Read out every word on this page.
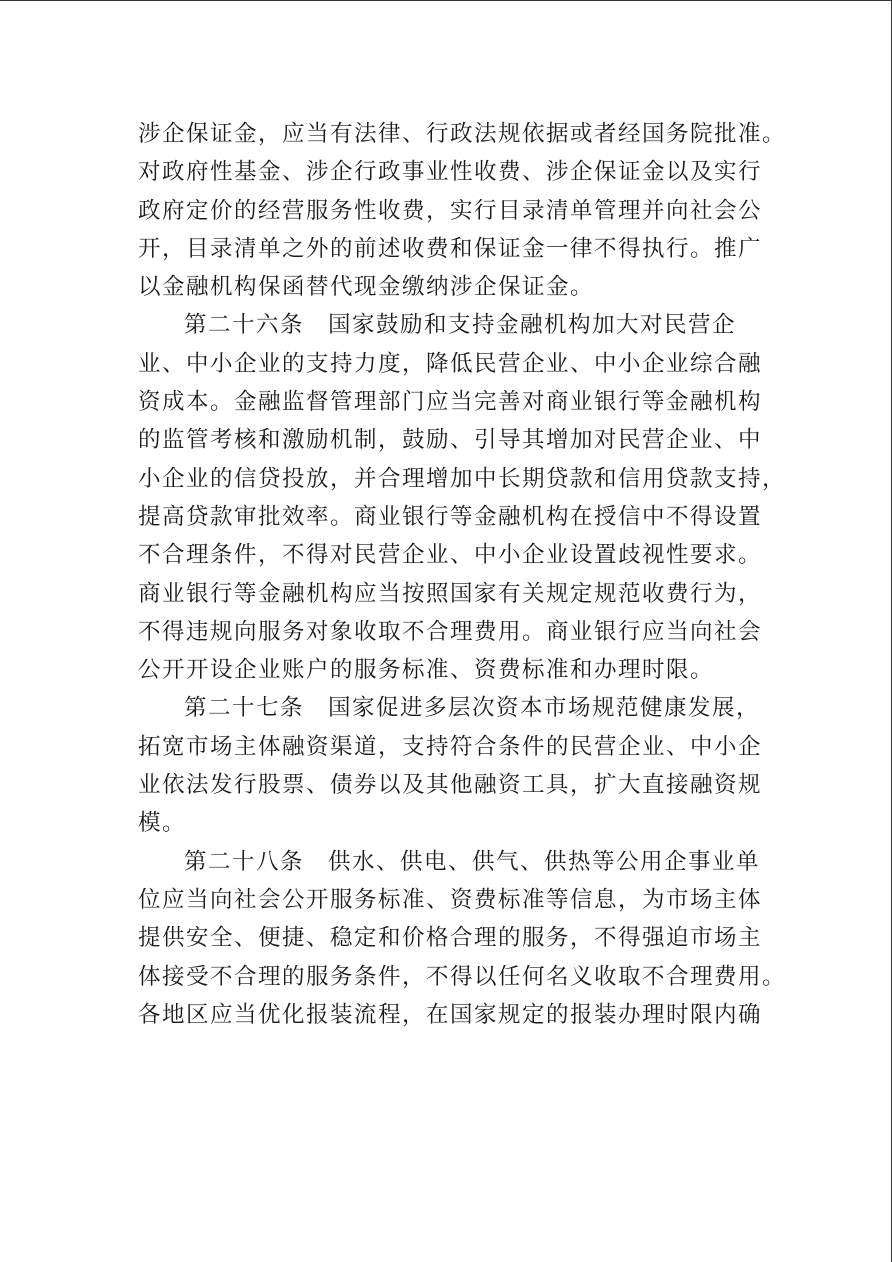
涉企保证金，应当有法律、行政法规依据或者经国务院批准。
对政府性基金、涉企行政事业性收费、涉企保证金以及实行
政府定价的经营服务性收费，实行目录清单管理并向社会公
开，目录清单之外的前述收费和保证金一律不得执行。推广
以金融机构保函替代现金缴纳涉企保证金。
第二十六条　国家鼓励和支持金融机构加大对民营企
业、中小企业的支持力度，降低民营企业、中小企业综合融
资成本。金融监督管理部门应当完善对商业银行等金融机构
的监管考核和激励机制，鼓励、引导其增加对民营企业、中
小企业的信贷投放，并合理增加中长期贷款和信用贷款支持，
提高贷款审批效率。商业银行等金融机构在授信中不得设置
不合理条件，不得对民营企业、中小企业设置歧视性要求。
商业银行等金融机构应当按照国家有关规定规范收费行为，
不得违规向服务对象收取不合理费用。商业银行应当向社会
公开开设企业账户的服务标准、资费标准和办理时限。
第二十七条　国家促进多层次资本市场规范健康发展，
拓宽市场主体融资渠道，支持符合条件的民营企业、中小企
业依法发行股票、债券以及其他融资工具，扩大直接融资规
模。
第二十八条　供水、供电、供气、供热等公用企事业单
位应当向社会公开服务标准、资费标准等信息，为市场主体
提供安全、便捷、稳定和价格合理的服务，不得强迫市场主
体接受不合理的服务条件，不得以任何名义收取不合理费用。
各地区应当优化报装流程，在国家规定的报装办理时限内确
